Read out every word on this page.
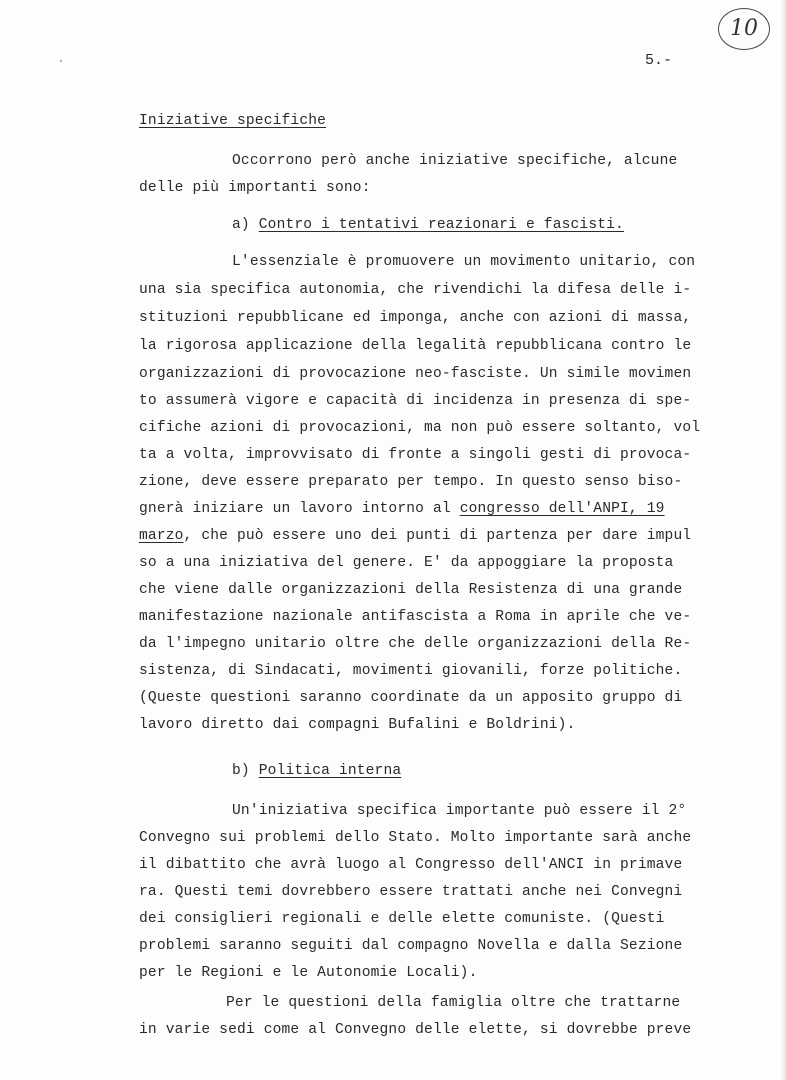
10
5.-
Iniziative specifiche
Occorrono però anche iniziative specifiche, alcune
delle più importanti sono:
a) Contro i tentativi reazionari e fascisti.
L'essenziale è promuovere un movimento unitario, con
una sia specifica autonomia, che rivendichi la difesa delle i-
stituzioni repubblicane ed imponga, anche con azioni di massa,
la rigorosa applicazione della legalità repubblicana contro le
organizzazioni di provocazione neo-fasciste. Un simile movimen
to assumerà vigore e capacità di incidenza in presenza di spe-
cifiche azioni di provocazioni, ma non può essere soltanto, vol
ta a volta, improvvisato di fronte a singoli gesti di provoca-
zione, deve essere preparato per tempo. In questo senso biso-
gnerà iniziare un lavoro intorno al congresso dell'ANPI, 19
marzo, che può essere uno dei punti di partenza per dare impul
so a una iniziativa del genere. E' da appoggiare la proposta
che viene dalle organizzazioni della Resistenza di una grande
manifestazione nazionale antifascista a Roma in aprile che ve-
da l'impegno unitario oltre che delle organizzazioni della Re-
sistenza, di Sindacati, movimenti giovanili, forze politiche.
(Queste questioni saranno coordinate da un apposito gruppo di
lavoro diretto dai compagni Bufalini e Boldrini).
b) Politica interna
Un'iniziativa specifica importante può essere il 2°
Convegno sui problemi dello Stato. Molto importante sarà anche
il dibattito che avrà luogo al Congresso dell'ANCI in primave
ra. Questi temi dovrebbero essere trattati anche nei Convegni
dei consiglieri regionali e delle elette comuniste. (Questi
problemi saranno seguiti dal compagno Novella e dalla Sezione
per le Regioni e le Autonomie Locali).
Per le questioni della famiglia oltre che trattarne
in varie sedi come al Convegno delle elette, si dovrebbe preve
